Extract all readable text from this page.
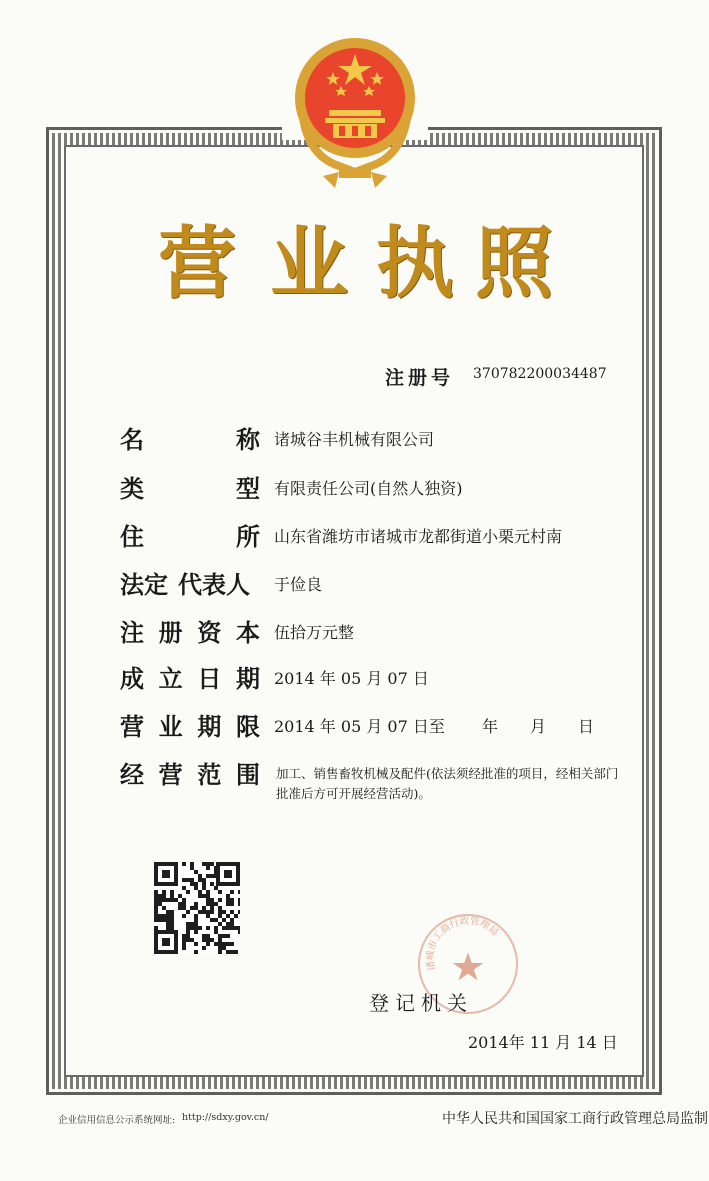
营 业 执 照
注册号 370782200034487
名	称 诸城谷丰机械有限公司
类	型 有限责任公司(自然人独资)
住	所 山东省潍坊市诸城市龙都街道小栗元村南
法定 代表人 于俭良
注 册 资 本 伍拾万元整
成 立 日 期 2014 年 05 月 07 日
营 业 期 限 2014 年 05 月 07 日至　　 年　　月　　日
经 营 范 围 加工、销售畜牧机械及配件(依法须经批准的项目，经相关部门批准后方可开展经营活动)。
诸城市工商行政管理局
登记机关
2014年 11 月 14 日
企业信用信息公示系统网址: http://sdxy.gov.cn/	中华人民共和国国家工商行政管理总局监制
